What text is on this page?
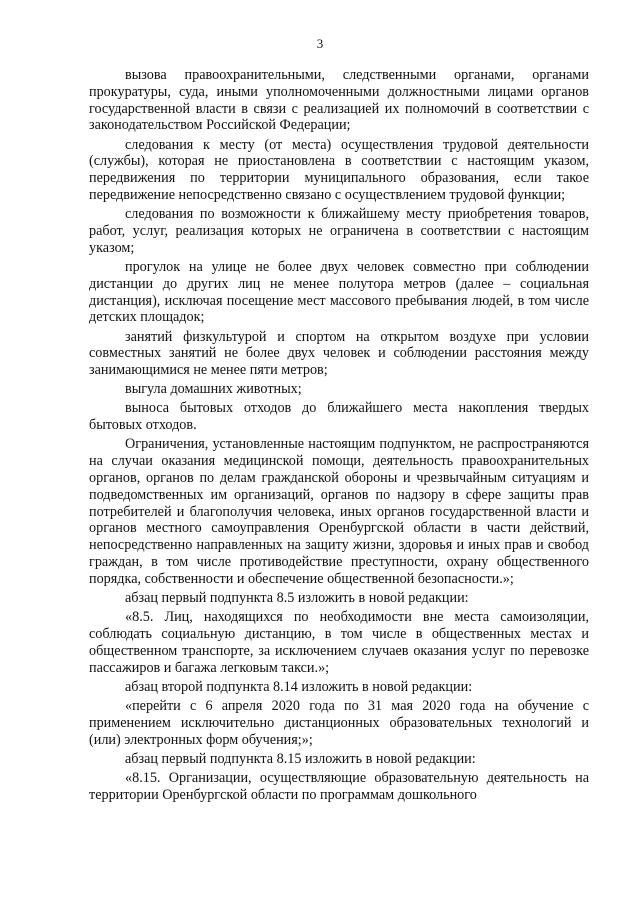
3

вызова правоохранительными, следственными органами, органами прокуратуры, суда, иными уполномоченными должностными лицами органов государственной власти в связи с реализацией их полномочий в соответствии с законодательством Российской Федерации;

следования к месту (от места) осуществления трудовой деятельности (службы), которая не приостановлена в соответствии с настоящим указом, передвижения по территории муниципального образования, если такое передвижение непосредственно связано с осуществлением трудовой функции;

следования по возможности к ближайшему месту приобретения товаров, работ, услуг, реализация которых не ограничена в соответствии с настоящим указом;

прогулок на улице не более двух человек совместно при соблюдении дистанции до других лиц не менее полутора метров (далее – социальная дистанция), исключая посещение мест массового пребывания людей, в том числе детских площадок;

занятий физкультурой и спортом на открытом воздухе при условии совместных занятий не более двух человек и соблюдении расстояния между занимающимися не менее пяти метров;

выгула домашних животных;

выноса бытовых отходов до ближайшего места накопления твердых бытовых отходов.

Ограничения, установленные настоящим подпунктом, не распространяются на случаи оказания медицинской помощи, деятельность правоохранительных органов, органов по делам гражданской обороны и чрезвычайным ситуациям и подведомственных им организаций, органов по надзору в сфере защиты прав потребителей и благополучия человека, иных органов государственной власти и органов местного самоуправления Оренбургской области в части действий, непосредственно направленных на защиту жизни, здоровья и иных прав и свобод граждан, в том числе противодействие преступности, охрану общественного порядка, собственности и обеспечение общественной безопасности.»;

абзац первый подпункта 8.5 изложить в новой редакции:

«8.5. Лиц, находящихся по необходимости вне места самоизоляции, соблюдать социальную дистанцию, в том числе в общественных местах и общественном транспорте, за исключением случаев оказания услуг по перевозке пассажиров и багажа легковым такси.»;

абзац второй подпункта 8.14 изложить в новой редакции:

«перейти с 6 апреля 2020 года по 31 мая 2020 года на обучение с применением исключительно дистанционных образовательных технологий и (или) электронных форм обучения;»;

абзац первый подпункта 8.15 изложить в новой редакции:

«8.15. Организации, осуществляющие образовательную деятельность на территории Оренбургской области по программам дошкольного
